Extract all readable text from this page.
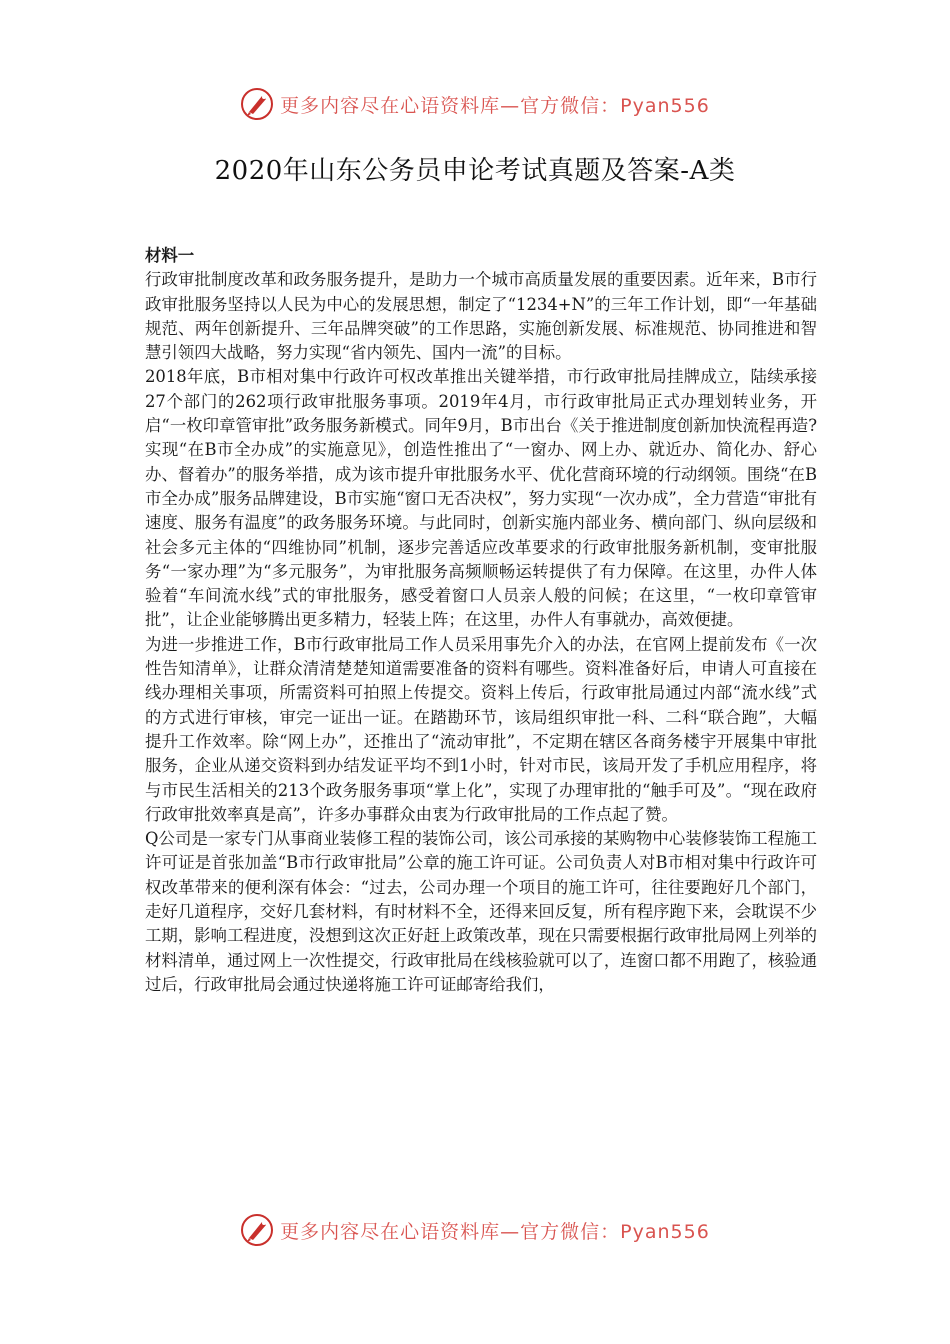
更多内容尽在心语资料库—官方微信：Pyan556
2020年山东公务员申论考试真题及答案-A类
材料一

行政审批制度改革和政务服务提升，是助力一个城市高质量发展的重要因素。近年来，B市行政审批服务坚持以人民为中心的发展思想，制定了“1234+N”的三年工作计划，即“一年基础规范、两年创新提升、三年品牌突破”的工作思路，实施创新发展、标准规范、协同推进和智慧引领四大战略，努力实现“省内领先、国内一流”的目标。

2018年底，B市相对集中行政许可权改革推出关键举措，市行政审批局挂牌成立，陆续承接27个部门的262项行政审批服务事项。2019年4月，市行政审批局正式办理划转业务，开启“一枚印章管审批”政务服务新模式。同年9月，B市出台《关于推进制度创新加快流程再造?实现“在B市全办成”的实施意见》，创造性推出了“一窗办、网上办、就近办、简化办、舒心办、督着办”的服务举措，成为该市提升审批服务水平、优化营商环境的行动纲领。围绕“在B市全办成”服务品牌建设，B市实施“窗口无否决权”，努力实现“一次办成”，全力营造“审批有速度、服务有温度”的政务服务环境。与此同时，创新实施内部业务、横向部门、纵向层级和社会多元主体的“四维协同”机制，逐步完善适应改革要求的行政审批服务新机制，变审批服务“一家办理”为“多元服务”，为审批服务高频顺畅运转提供了有力保障。在这里，办件人体验着“车间流水线”式的审批服务，感受着窗口人员亲人般的问候；在这里，“一枚印章管审批”，让企业能够腾出更多精力，轻装上阵；在这里，办件人有事就办，高效便捷。

为进一步推进工作，B市行政审批局工作人员采用事先介入的办法，在官网上提前发布《一次性告知清单》，让群众清清楚楚知道需要准备的资料有哪些。资料准备好后，申请人可直接在线办理相关事项，所需资料可拍照上传提交。资料上传后，行政审批局通过内部“流水线”式的方式进行审核，审完一证出一证。在踏勘环节，该局组织审批一科、二科“联合跑”，大幅提升工作效率。除“网上办”，还推出了“流动审批”，不定期在辖区各商务楼宇开展集中审批服务，企业从递交资料到办结发证平均不到1小时，针对市民，该局开发了手机应用程序，将与市民生活相关的213个政务服务事项“掌上化”，实现了办理审批的“触手可及”。“现在政府行政审批效率真是高”，许多办事群众由衷为行政审批局的工作点起了赞。

Q公司是一家专门从事商业装修工程的装饰公司，该公司承接的某购物中心装修装饰工程施工许可证是首张加盖“B市行政审批局”公章的施工许可证。公司负责人对B市相对集中行政许可权改革带来的便利深有体会：“过去，公司办理一个项目的施工许可，往往要跑好几个部门，走好几道程序，交好几套材料，有时材料不全，还得来回反复，所有程序跑下来，会耽误不少工期，影响工程进度，没想到这次正好赶上政策改革，现在只需要根据行政审批局网上列举的材料清单，通过网上一次性提交，行政审批局在线核验就可以了，连窗口都不用跑了，核验通过后，行政审批局会通过快递将施工许可证邮寄给我们，

更多内容尽在心语资料库—官方微信：Pyan556
